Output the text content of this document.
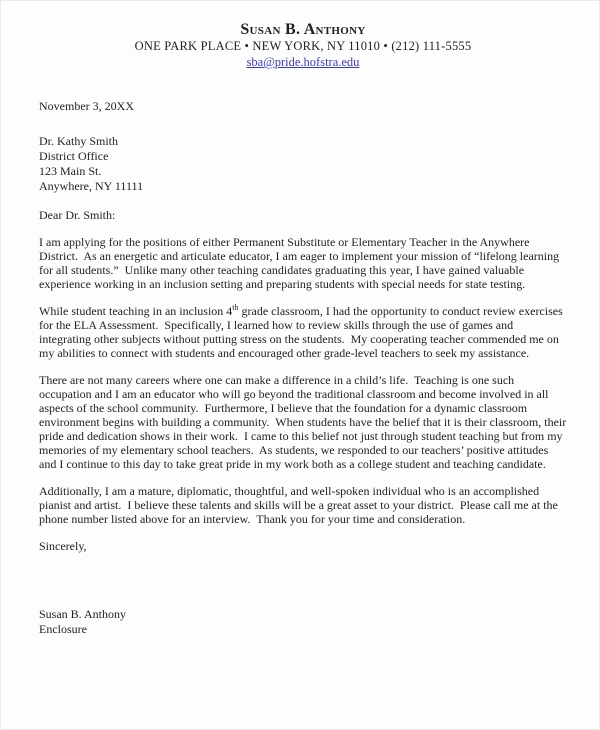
Susan B. Anthony
ONE PARK PLACE • NEW YORK, NY 11010 • (212) 111-5555
sba@pride.hofstra.edu
November 3, 20XX
Dr. Kathy Smith
District Office
123 Main St.
Anywhere, NY 11111
Dear Dr. Smith:

I am applying for the positions of either Permanent Substitute or Elementary Teacher in the Anywhere District.  As an energetic and articulate educator, I am eager to implement your mission of “lifelong learning for all students.”  Unlike many other teaching candidates graduating this year, I have gained valuable experience working in an inclusion setting and preparing students with special needs for state testing.

While student teaching in an inclusion 4th grade classroom, I had the opportunity to conduct review exercises for the ELA Assessment.  Specifically, I learned how to review skills through the use of games and integrating other subjects without putting stress on the students.  My cooperating teacher commended me on my abilities to connect with students and encouraged other grade-level teachers to seek my assistance.

There are not many careers where one can make a difference in a child’s life.  Teaching is one such occupation and I am an educator who will go beyond the traditional classroom and become involved in all aspects of the school community.  Furthermore, I believe that the foundation for a dynamic classroom environment begins with building a community.  When students have the belief that it is their classroom, their pride and dedication shows in their work.  I came to this belief not just through student teaching but from my memories of my elementary school teachers.  As students, we responded to our teachers’ positive attitudes and I continue to this day to take great pride in my work both as a college student and teaching candidate.

Additionally, I am a mature, diplomatic, thoughtful, and well-spoken individual who is an accomplished pianist and artist.  I believe these talents and skills will be a great asset to your district.  Please call me at the phone number listed above for an interview.  Thank you for your time and consideration.

Sincerely,
Susan B. Anthony
Enclosure
